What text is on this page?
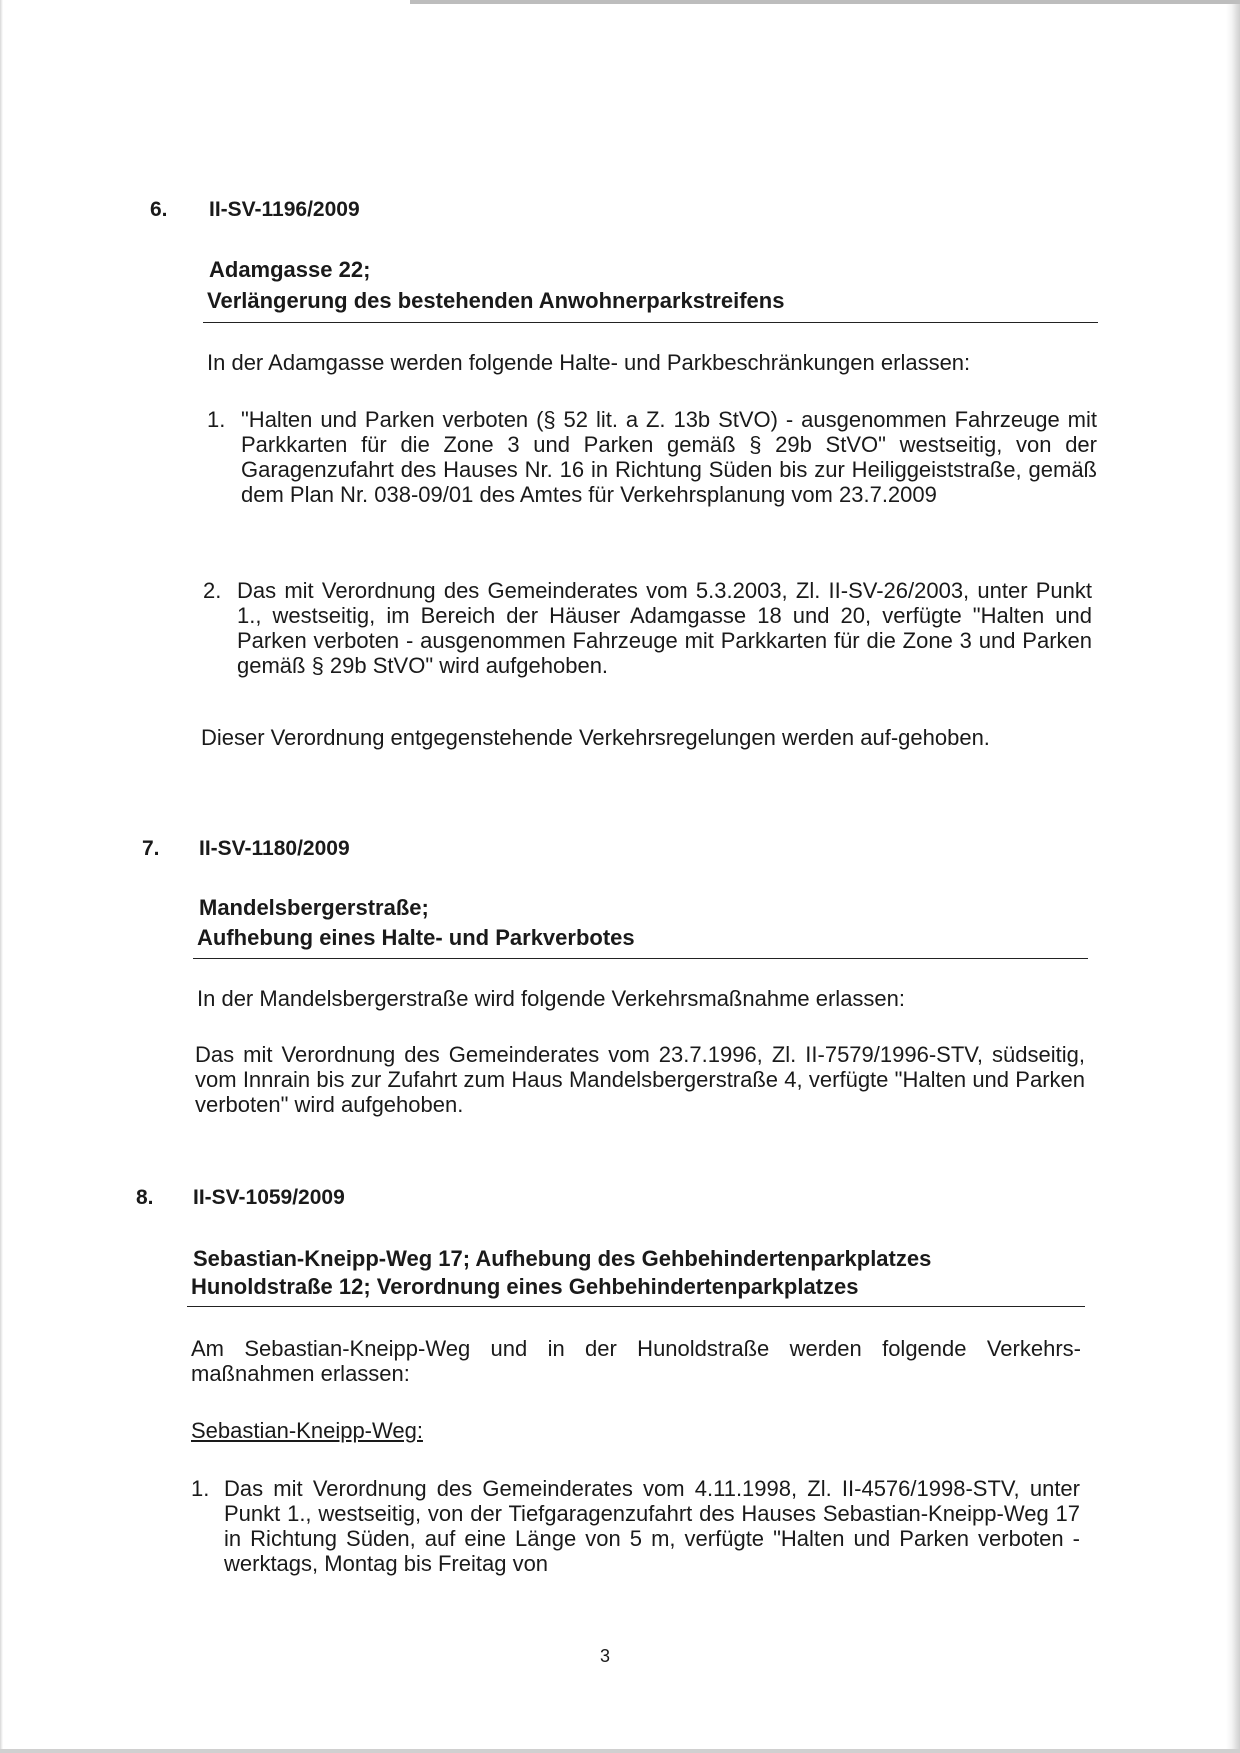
6. II-SV-1196/2009
Adamgasse 22;
Verlängerung des bestehenden Anwohnerparkstreifens
In der Adamgasse werden folgende Halte- und Parkbeschränkungen erlassen:
1. "Halten und Parken verboten (§ 52 lit. a Z. 13b StVO) - ausgenommen Fahrzeuge mit Parkkarten für die Zone 3 und Parken gemäß § 29b StVO" westseitig, von der Garagenzufahrt des Hauses Nr. 16 in Richtung Süden bis zur Heiliggeiststraße, gemäß dem Plan Nr. 038-09/01 des Amtes für Verkehrsplanung vom 23.7.2009
2. Das mit Verordnung des Gemeinderates vom 5.3.2003, Zl. II-SV-26/2003, unter Punkt 1., westseitig, im Bereich der Häuser Adamgasse 18 und 20, verfügte "Halten und Parken verboten - ausgenommen Fahrzeuge mit Parkkarten für die Zone 3 und Parken gemäß § 29b StVO" wird aufgehoben.
Dieser Verordnung entgegenstehende Verkehrsregelungen werden auf-gehoben.
7. II-SV-1180/2009
Mandelsbergerstraße;
Aufhebung eines Halte- und Parkverbotes
In der Mandelsbergerstraße wird folgende Verkehrsmaßnahme erlassen:
Das mit Verordnung des Gemeinderates vom 23.7.1996, Zl. II-7579/1996-STV, südseitig, vom Innrain bis zur Zufahrt zum Haus Mandelsbergerstraße 4, verfügte "Halten und Parken verboten" wird aufgehoben.
8. II-SV-1059/2009
Sebastian-Kneipp-Weg 17; Aufhebung des Gehbehindertenparkplatzes
Hunoldstraße 12; Verordnung eines Gehbehindertenparkplatzes
Am Sebastian-Kneipp-Weg und in der Hunoldstraße werden folgende Verkehrs-maßnahmen erlassen:
Sebastian-Kneipp-Weg:
1. Das mit Verordnung des Gemeinderates vom 4.11.1998, Zl. II-4576/1998-STV, unter Punkt 1., westseitig, von der Tiefgaragenzufahrt des Hauses Sebastian-Kneipp-Weg 17 in Richtung Süden, auf eine Länge von 5 m, verfügte "Halten und Parken verboten - werktags, Montag bis Freitag von
3
